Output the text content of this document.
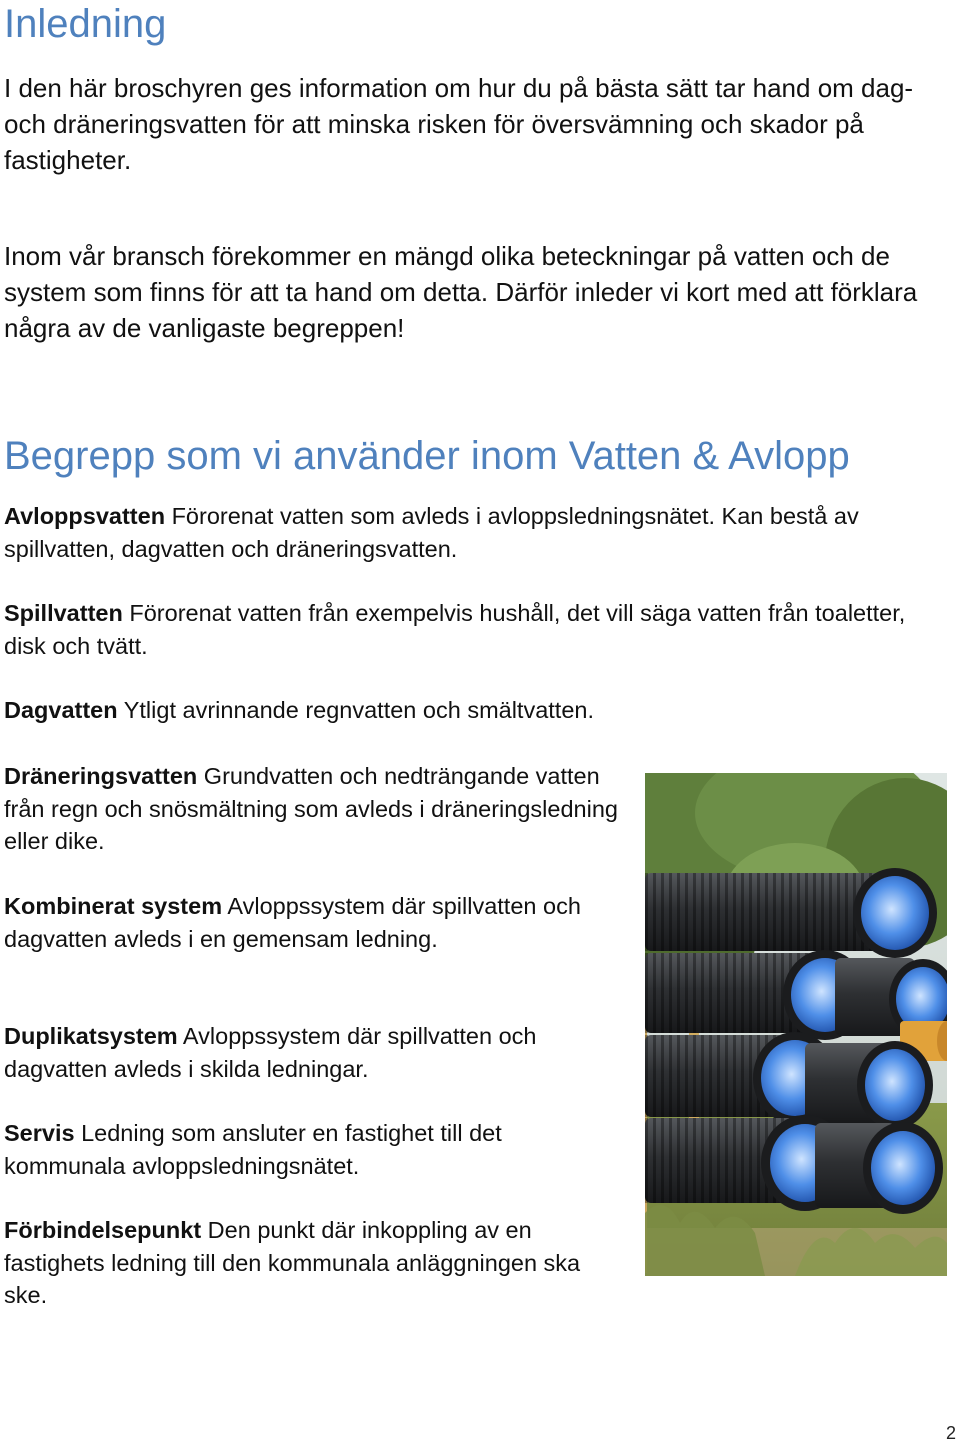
Inledning

I den här broschyren ges information om hur du på bästa sätt tar hand om dag- och dräneringsvatten för att minska risken för översvämning och skador på fastigheter.

Inom vår bransch förekommer en mängd olika beteckningar på vatten och de system som finns för att ta hand om detta. Därför inleder vi kort med att förklara några av de vanligaste begreppen!

Begrepp som vi använder inom Vatten & Avlopp

Avloppsvatten Förorenat vatten som avleds i avloppsledningsnätet. Kan bestå av spillvatten, dagvatten och dräneringsvatten.

Spillvatten Förorenat vatten från exempelvis hushåll, det vill säga vatten från toaletter, disk och tvätt.

Dagvatten Ytligt avrinnande regnvatten och smältvatten.

Dräneringsvatten Grundvatten och nedträngande vatten från regn och snösmältning som avleds i dräneringsledning eller dike.

Kombinerat system Avloppssystem där spillvatten och dagvatten avleds i en gemensam ledning.

Duplikatsystem Avloppssystem där spillvatten och dagvatten avleds i skilda ledningar.

Servis Ledning som ansluter en fastighet till det kommunala avloppsledningsnätet.

Förbindelsepunkt Den punkt där inkoppling av en fastighets ledning till den kommunala anläggningen ska ske.

2
